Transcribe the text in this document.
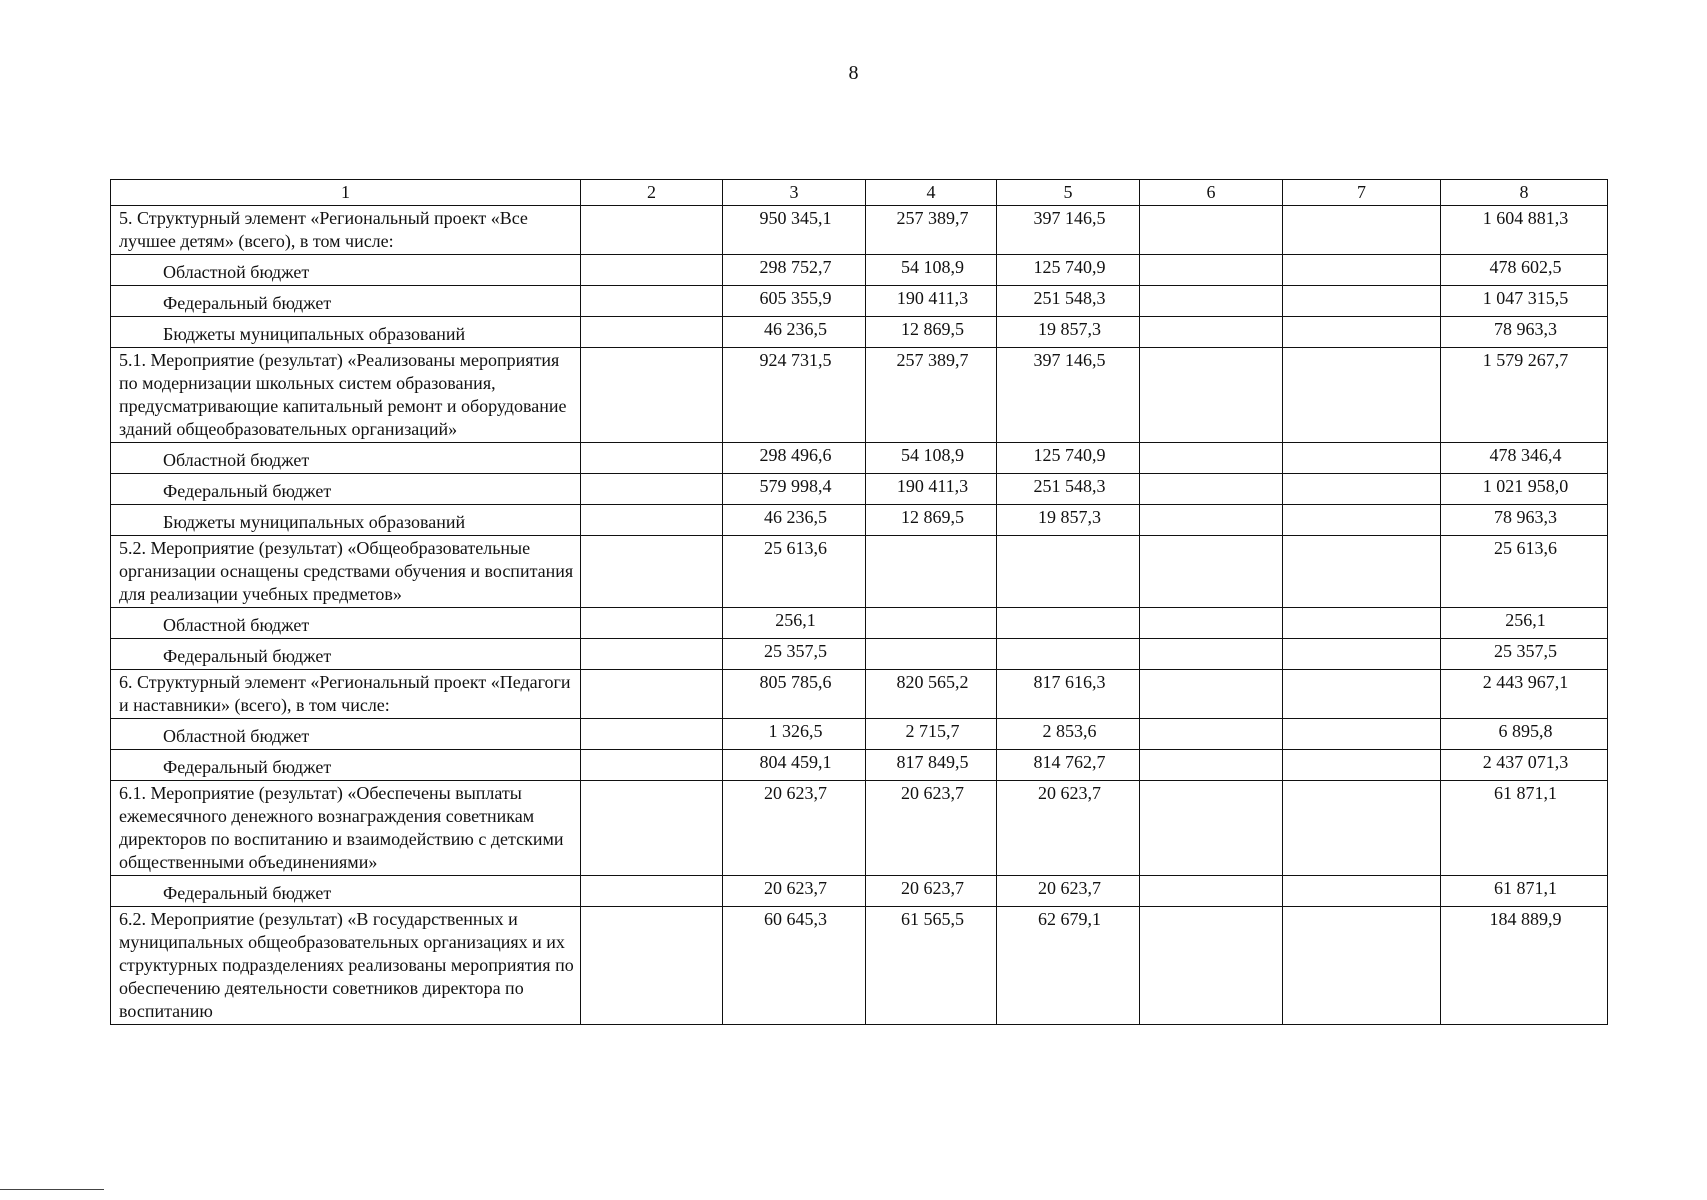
8
1	2	3	4	5	6	7	8
5. Структурный элемент «Региональный проект «Все лучшее детям» (всего), в том числе:		950 345,1	257 389,7	397 146,5			1 604 881,3
Областной бюджет		298 752,7	54 108,9	125 740,9			478 602,5
Федеральный бюджет		605 355,9	190 411,3	251 548,3			1 047 315,5
Бюджеты муниципальных образований		46 236,5	12 869,5	19 857,3			78 963,3
5.1. Мероприятие (результат) «Реализованы мероприятия по модернизации школьных систем образования, предусматривающие капитальный ремонт и оборудование зданий общеобразовательных организаций»		924 731,5	257 389,7	397 146,5			1 579 267,7
Областной бюджет		298 496,6	54 108,9	125 740,9			478 346,4
Федеральный бюджет		579 998,4	190 411,3	251 548,3			1 021 958,0
Бюджеты муниципальных образований		46 236,5	12 869,5	19 857,3			78 963,3
5.2. Мероприятие (результат) «Общеобразовательные организации оснащены средствами обучения и воспитания для реализации учебных предметов»		25 613,6					25 613,6
Областной бюджет		256,1					256,1
Федеральный бюджет		25 357,5					25 357,5
6. Структурный элемент «Региональный проект «Педагоги и наставники» (всего), в том числе:		805 785,6	820 565,2	817 616,3			2 443 967,1
Областной бюджет		1 326,5	2 715,7	2 853,6			6 895,8
Федеральный бюджет		804 459,1	817 849,5	814 762,7			2 437 071,3
6.1. Мероприятие (результат) «Обеспечены выплаты ежемесячного денежного вознаграждения советникам директоров по воспитанию и взаимодействию с детскими общественными объединениями»		20 623,7	20 623,7	20 623,7			61 871,1
Федеральный бюджет		20 623,7	20 623,7	20 623,7			61 871,1
6.2. Мероприятие (результат) «В государственных и муниципальных общеобразовательных организациях и их структурных подразделениях реализованы мероприятия по обеспечению деятельности советников директора по воспитанию		60 645,3	61 565,5	62 679,1			184 889,9
